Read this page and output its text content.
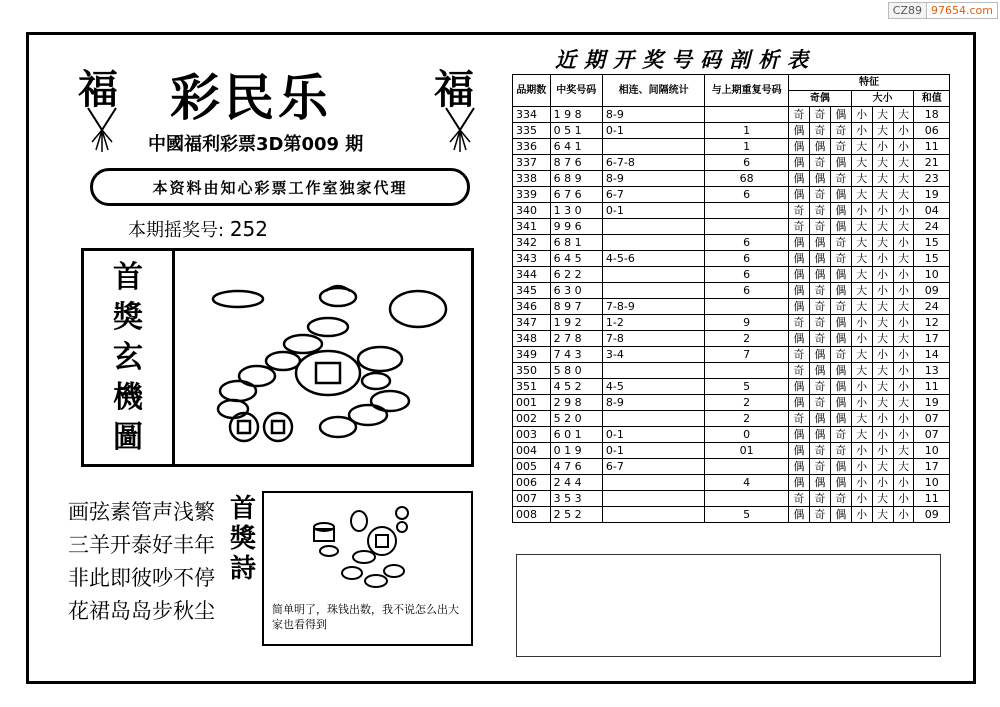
CZ89 97654.com
福	福
彩民乐
中國福利彩票3D第009 期
本资料由知心彩票工作室独家代理
本期摇奖号: 252
首
獎
玄
機
圖
画弦素管声浅繁
三羊开泰好丰年
非此即彼吵不停
花裙岛岛步秋尘
首
獎
詩
简单明了，珠钱出数，我不说怎么出大家也看得到
近期开奖号码剖析表
品期数	中奖号码	相连、间隔统计	与上期重复号码	特征						
				奇偶			大小			和值
334	1 9 8	8-9		奇	奇	偶	小	大	大	18
335	0 5 1	0-1	1	偶	奇	奇	小	大	小	06
336	6 4 1		1	偶	偶	奇	大	小	小	11
337	8 7 6	6-7-8	6	偶	奇	偶	大	大	大	21
338	6 8 9	8-9	68	偶	偶	奇	大	大	大	23
339	6 7 6	6-7	6	偶	奇	偶	大	大	大	19
340	1 3 0	0-1		奇	奇	偶	小	小	小	04
341	9 9 6			奇	奇	偶	大	大	大	24
342	6 8 1		6	偶	偶	奇	大	大	小	15
343	6 4 5	4-5-6	6	偶	偶	奇	大	小	大	15
344	6 2 2		6	偶	偶	偶	大	小	小	10
345	6 3 0		6	偶	奇	偶	大	小	小	09
346	8 9 7	7-8-9		偶	奇	奇	大	大	大	24
347	1 9 2	1-2	9	奇	奇	偶	小	大	小	12
348	2 7 8	7-8	2	偶	奇	偶	小	大	大	17
349	7 4 3	3-4	7	奇	偶	奇	大	小	小	14
350	5 8 0			奇	偶	偶	大	大	小	13
351	4 5 2	4-5	5	偶	奇	偶	小	大	小	11
001	2 9 8	8-9	2	偶	奇	偶	小	大	大	19
002	5 2 0		2	奇	偶	偶	大	小	小	07
003	6 0 1	0-1	0	偶	偶	奇	大	小	小	07
004	0 1 9	0-1	01	偶	奇	奇	小	小	大	10
005	4 7 6	6-7		偶	奇	偶	小	大	大	17
006	2 4 4		4	偶	偶	偶	小	小	小	10
007	3 5 3			奇	奇	奇	小	大	小	11
008	2 5 2		5	偶	奇	偶	小	大	小	09
